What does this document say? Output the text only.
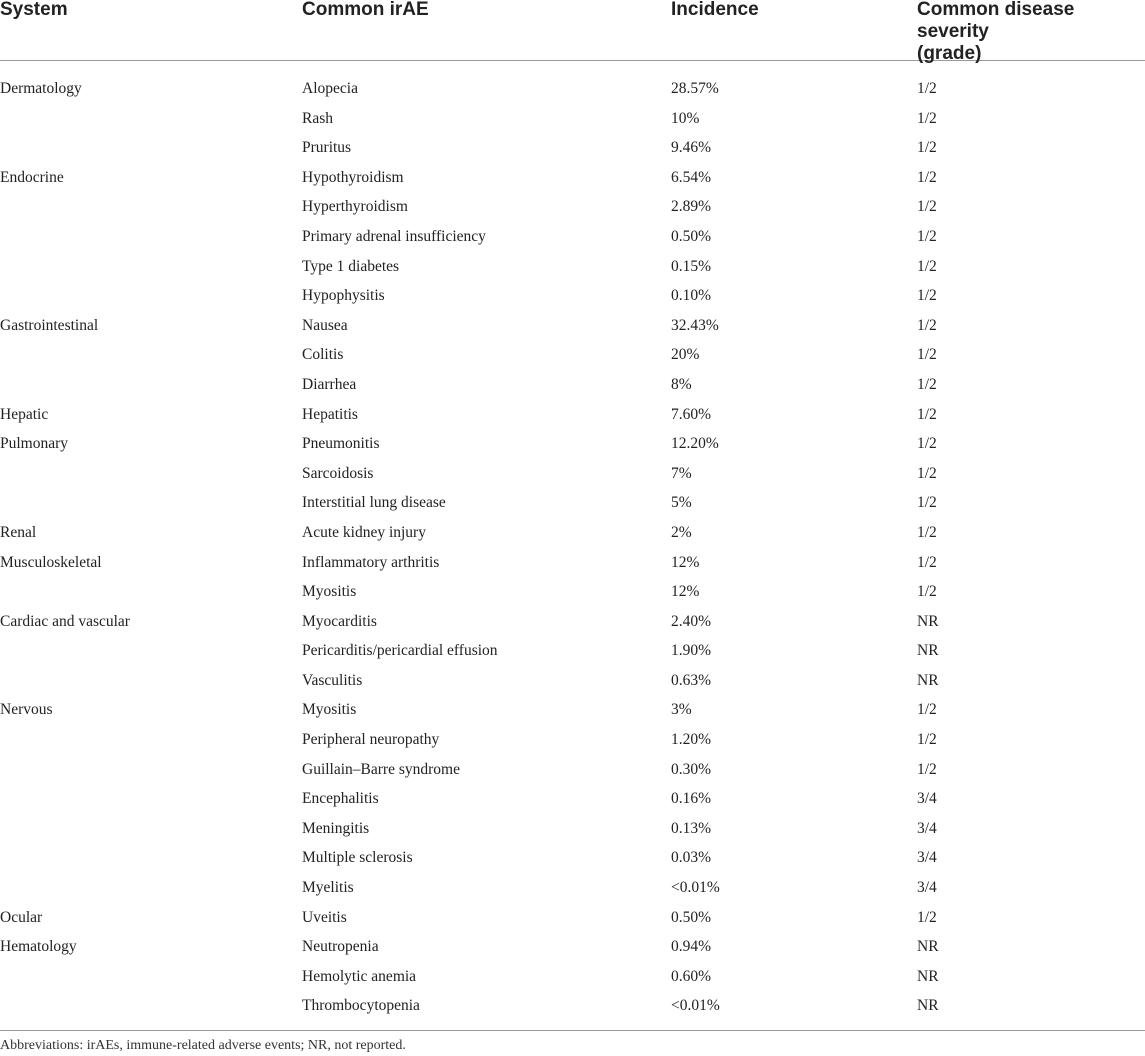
System	Common irAE	Incidence	Common disease severity
(grade)
Dermatology	Alopecia	28.57%	1/2
Rash	10%	1/2
Pruritus	9.46%	1/2
Endocrine	Hypothyroidism	6.54%	1/2
Hyperthyroidism	2.89%	1/2
Primary adrenal insufficiency	0.50%	1/2
Type 1 diabetes	0.15%	1/2
Hypophysitis	0.10%	1/2
Gastrointestinal	Nausea	32.43%	1/2
Colitis	20%	1/2
Diarrhea	8%	1/2
Hepatic	Hepatitis	7.60%	1/2
Pulmonary	Pneumonitis	12.20%	1/2
Sarcoidosis	7%	1/2
Interstitial lung disease	5%	1/2
Renal	Acute kidney injury	2%	1/2
Musculoskeletal	Inflammatory arthritis	12%	1/2
Myositis	12%	1/2
Cardiac and vascular	Myocarditis	2.40%	NR
Pericarditis/pericardial effusion	1.90%	NR
Vasculitis	0.63%	NR
Nervous	Myositis	3%	1/2
Peripheral neuropathy	1.20%	1/2
Guillain–Barre syndrome	0.30%	1/2
Encephalitis	0.16%	3/4
Meningitis	0.13%	3/4
Multiple sclerosis	0.03%	3/4
Myelitis	<0.01%	3/4
Ocular	Uveitis	0.50%	1/2
Hematology	Neutropenia	0.94%	NR
Hemolytic anemia	0.60%	NR
Thrombocytopenia	<0.01%	NR
Abbreviations: irAEs, immune-related adverse events; NR, not reported.
